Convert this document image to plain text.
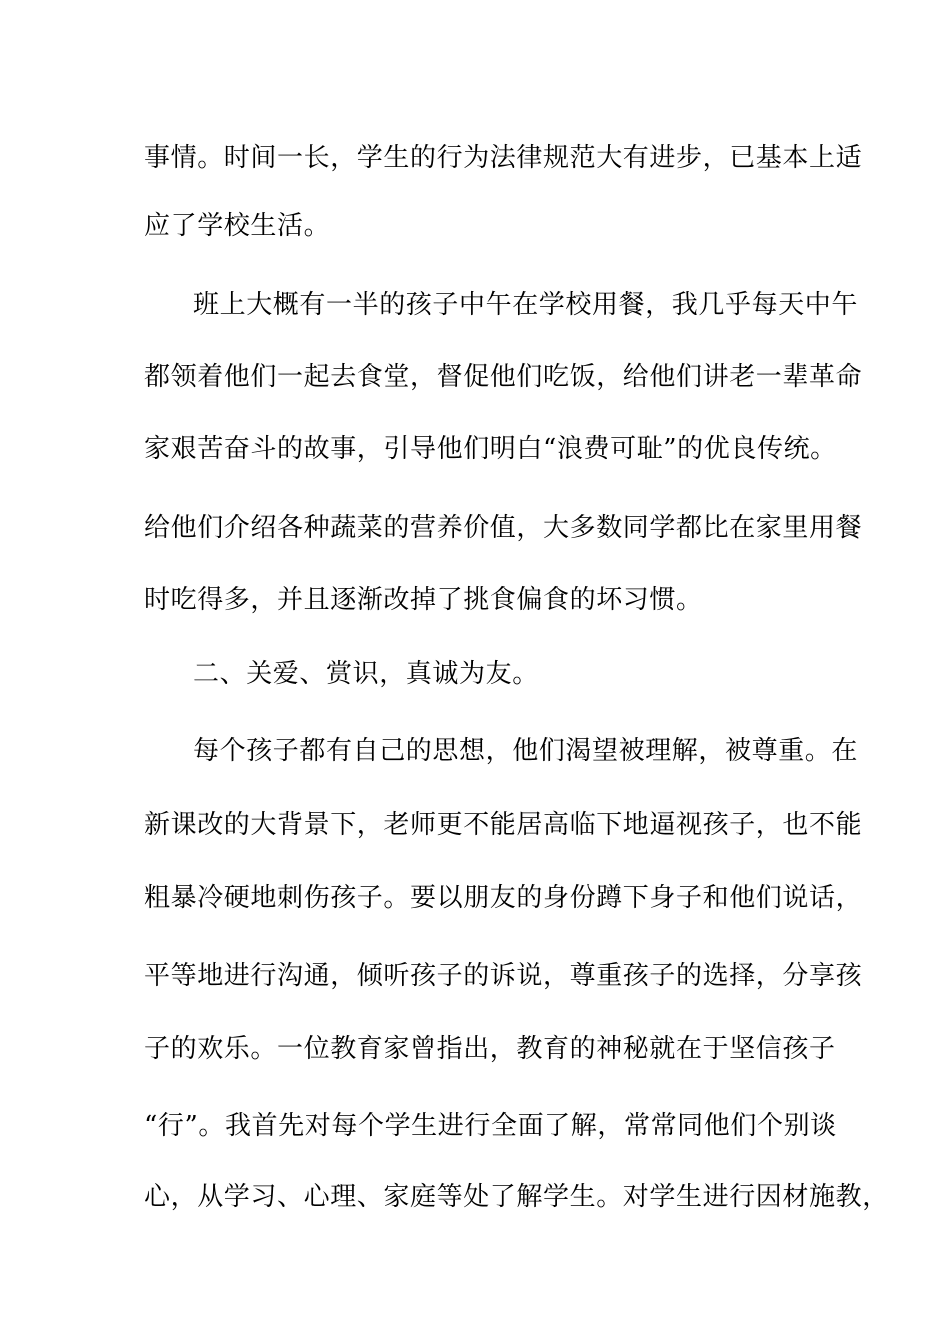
事情。时间一长，学生的行为法律规范大有进步，已基本上适
应了学校生活。
班上大概有一半的孩子中午在学校用餐，我几乎每天中午
都领着他们一起去食堂，督促他们吃饭，给他们讲老一辈革命
家艰苦奋斗的故事，引导他们明白“浪费可耻”的优良传统。
给他们介绍各种蔬菜的营养价值，大多数同学都比在家里用餐
时吃得多，并且逐渐改掉了挑食偏食的坏习惯。
二、关爱、赏识，真诚为友。
每个孩子都有自己的思想，他们渴望被理解，被尊重。在
新课改的大背景下，老师更不能居高临下地逼视孩子，也不能
粗暴冷硬地刺伤孩子。要以朋友的身份蹲下身子和他们说话，
平等地进行沟通，倾听孩子的诉说，尊重孩子的选择，分享孩
子的欢乐。一位教育家曾指出，教育的神秘就在于坚信孩子
“行”。我首先对每个学生进行全面了解，常常同他们个别谈
心，从学习、心理、家庭等处了解学生。对学生进行因材施教，
